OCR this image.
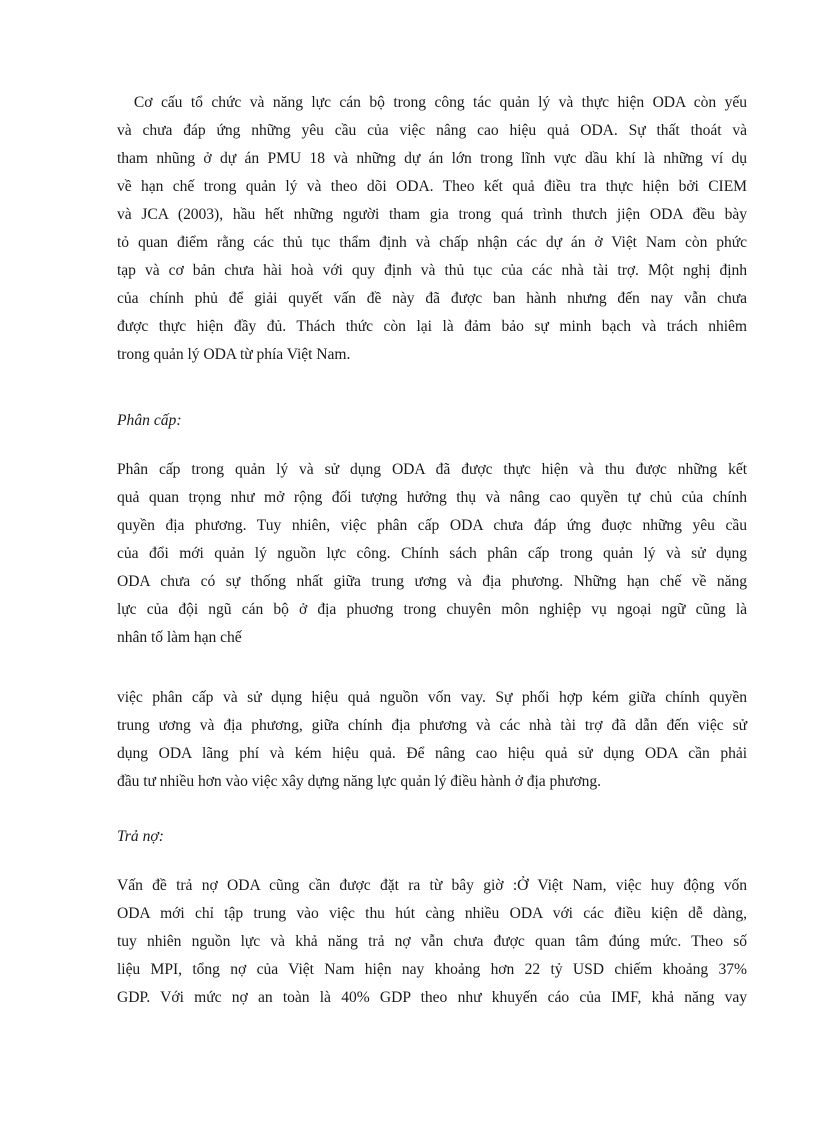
Cơ cấu tổ chức và năng lực cán bộ trong công tác quản lý và thực hiện ODA còn yếu
và chưa đáp ứng những yêu cầu của việc nâng cao hiệu quả ODA. Sự thất thoát và
tham nhũng ở dự án PMU 18 và những dự án lớn trong lĩnh vực dầu khí là những ví dụ
về hạn chế trong quản lý và theo dõi ODA. Theo kết quả điều tra thực hiện bởi CIEM
và JCA (2003), hầu hết những người tham gia trong quá trình thưch jiện ODA đều bày
tỏ quan điểm rằng các thủ tục thẩm định và chấp nhận các dự án ở Việt Nam còn phức
tạp và cơ bản chưa hài hoà với quy định và thủ tục của các nhà tài trợ. Một nghị định
của chính phủ để giải quyết vấn đề này đã được ban hành nhưng đến nay vẫn chưa
được thực hiện đầy đủ. Thách thức còn lại là đảm bảo sự minh bạch và trách nhiêm
trong quản lý ODA từ phía Việt Nam.
Phân cấp:
Phân cấp trong quản lý và sử dụng ODA đã được thực hiện và thu được những kết
quả quan trọng như mở rộng đối tượng hưởng thụ và nâng cao quyền tự chủ của chính
quyền địa phương. Tuy nhiên, việc phân cấp ODA chưa đáp ứng đuợc những yêu cầu
của đổi mới quản lý nguồn lực công. Chính sách phân cấp trong quản lý và sử dụng
ODA chưa có sự thống nhất giữa trung ương và địa phương. Những hạn chế về năng
lực của đội ngũ cán bộ ở địa phuơng trong chuyên môn nghiệp vụ ngoại ngữ cũng là
nhân tố làm hạn chế
việc phân cấp và sử dụng hiệu quả nguồn vốn vay. Sự phối hợp kém giữa chính quyền
trung ương và địa phương, giữa chính địa phương và các nhà tài trợ đã dẫn đến việc sử
dụng ODA lãng phí và kém hiệu quả. Để nâng cao hiệu quả sử dụng ODA cần phải
đầu tư nhiều hơn vào việc xây dựng năng lực quản lý điều hành ở địa phương.
Trả nợ:
Vấn đề trả nợ ODA cũng cần được đặt ra từ bây giờ :Ở Việt Nam, việc huy động vốn
ODA mới chỉ tập trung vào việc thu hút càng nhiều ODA với các điều kiện dễ dàng,
tuy nhiên nguồn lực và khả năng trả nợ vẫn chưa được quan tâm đúng mức. Theo số
liệu MPI, tổng nợ của Việt Nam hiện nay khoảng hơn 22 tỷ USD chiếm khoảng 37%
GDP. Với mức nợ an toàn là 40% GDP theo như khuyến cáo của IMF, khả năng vay
